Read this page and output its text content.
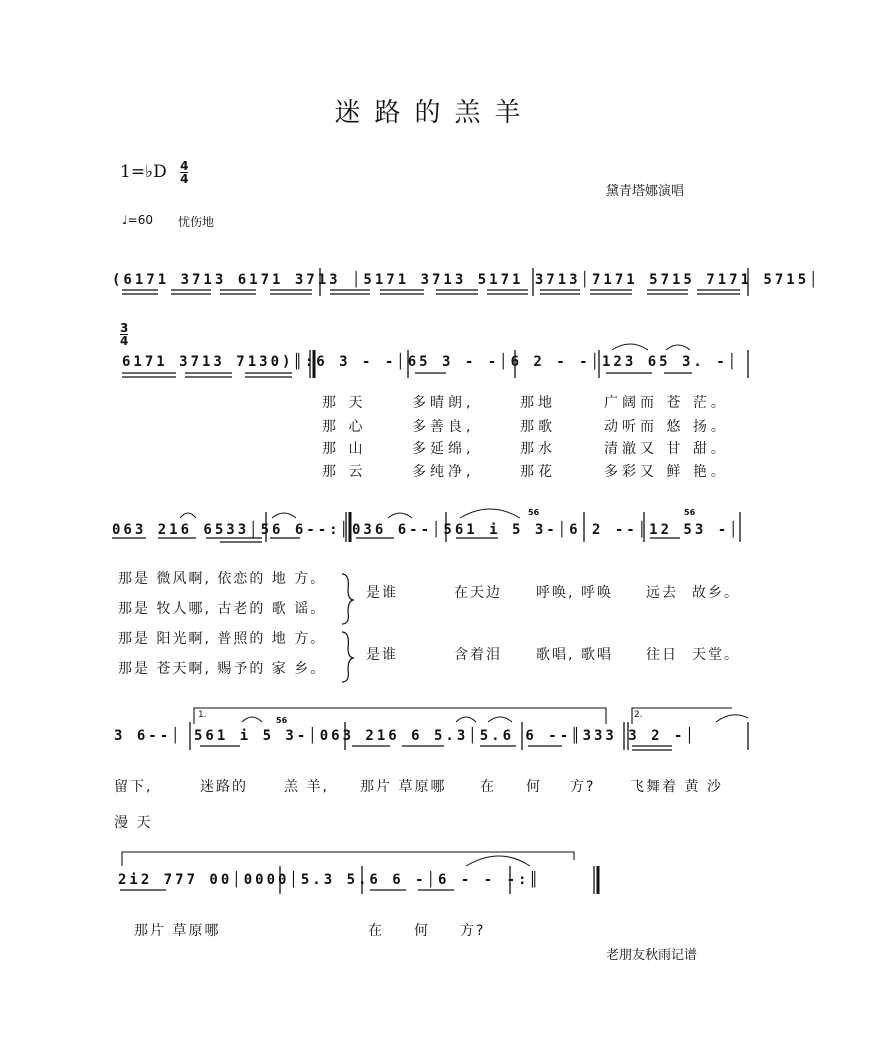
迷路的羔羊
1=♭D $\frac{4}{4}$
黛青塔娜演唱
♩=60 忧伤地
(6171 3713 6171 3713 │5171 3713 5171 3713│7171 5715 7171 5715│
$\frac{3}{4}$
6171 3713 7130)║:6 3 - -│65 3 - -│6 2 - -│123 65 3. -│
那 天	多晴朗,	那地	广阔而 苍 茫。
那 心	多善良,	那歌	动听而 悠 扬。
那 山	多延绵,	那水	清澈又 甘 甜。
那 云	多纯净,	那花	多彩又 鲜 艳。
063 216 6533│56 6--:║036 6--│561 i 5 3-│6 2 --│12 53 -│
56	56
那是 微风啊, 依恋的 地 方。
那是 牧人哪, 古老的 歌 谣。
那是 阳光啊, 普照的 地 方。
那是 苍天啊, 赐予的 家 乡。
是谁	在天边 呼唤, 呼唤 远去 故乡。
是谁	含着泪 歌唱, 歌唱 往日 天堂。
1.	2.
56
3 6--│ 561 i 5 3-│063 216 6 5.3│5.6 6 --║333 3 2 -│
留下,	迷路的	羔 羊, 那片 草原哪 在 何 方? 飞舞着 黄 沙
漫 天
2i2 777 00│0000│5.3 5.6 6 -│6 - - -:║
那片 草原哪	在 何 方?
老朋友秋雨记谱
